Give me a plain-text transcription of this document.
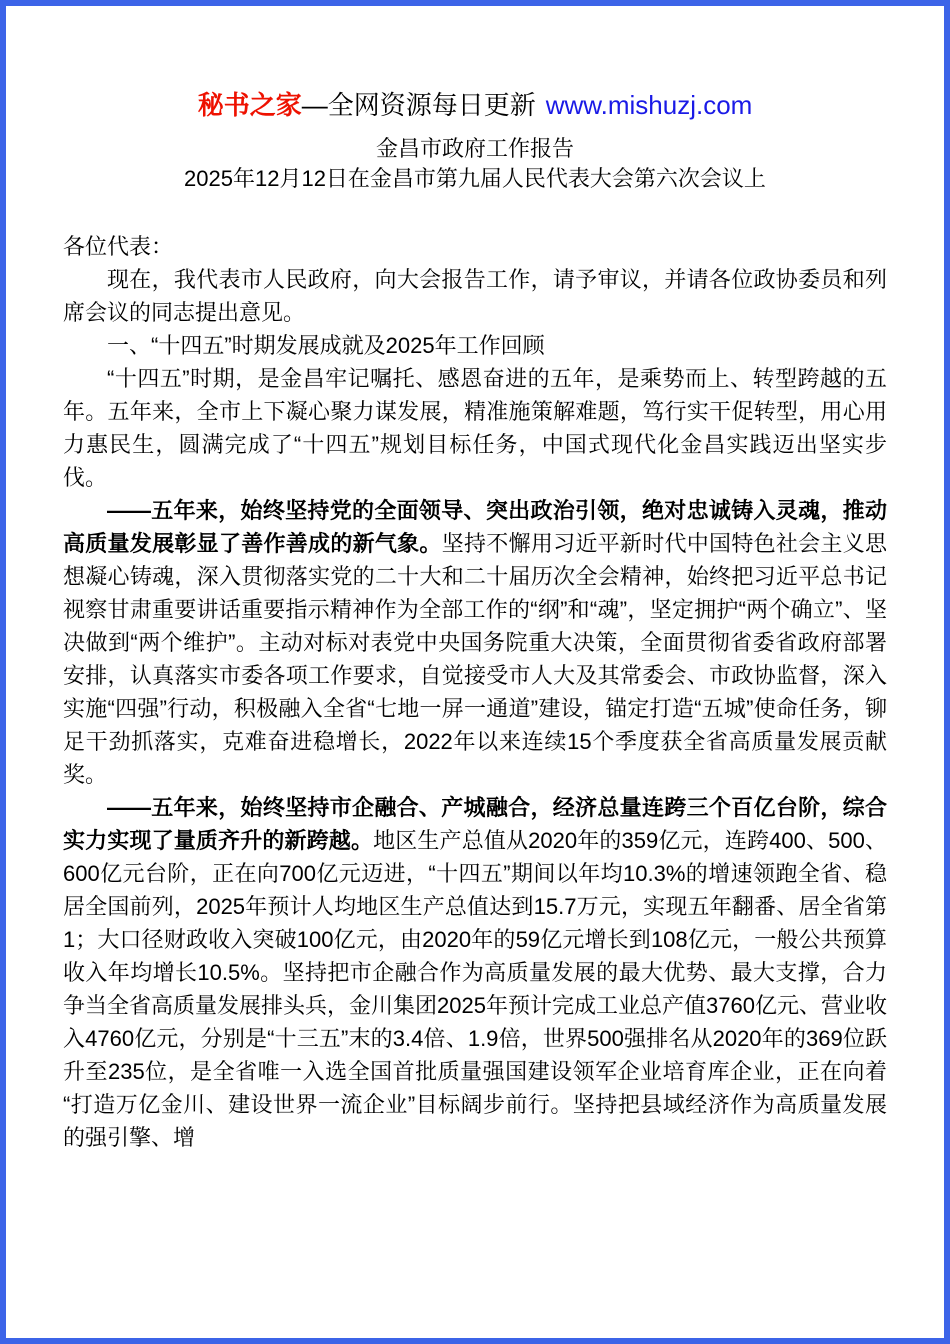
秘书之家—全网资源每日更新 www.mishuzj.com
金昌市政府工作报告
2025年12月12日在金昌市第九届人民代表大会第六次会议上

各位代表：

现在，我代表市人民政府，向大会报告工作，请予审议，并请各位政协委员和列席会议的同志提出意见。

一、“十四五”时期发展成就及2025年工作回顾

“十四五”时期，是金昌牢记嘱托、感恩奋进的五年，是乘势而上、转型跨越的五年。五年来，全市上下凝心聚力谋发展，精准施策解难题，笃行实干促转型，用心用力惠民生，圆满完成了“十四五”规划目标任务，中国式现代化金昌实践迈出坚实步伐。

——五年来，始终坚持党的全面领导、突出政治引领，绝对忠诚铸入灵魂，推动高质量发展彰显了善作善成的新气象。坚持不懈用习近平新时代中国特色社会主义思想凝心铸魂，深入贯彻落实党的二十大和二十届历次全会精神，始终把习近平总书记视察甘肃重要讲话重要指示精神作为全部工作的“纲”和“魂”，坚定拥护“两个确立”、坚决做到“两个维护”。主动对标对表党中央国务院重大决策，全面贯彻省委省政府部署安排，认真落实市委各项工作要求，自觉接受市人大及其常委会、市政协监督，深入实施“四强”行动，积极融入全省“七地一屏一通道”建设，锚定打造“五城”使命任务，铆足干劲抓落实，克难奋进稳增长，2022年以来连续15个季度获全省高质量发展贡献奖。

——五年来，始终坚持市企融合、产城融合，经济总量连跨三个百亿台阶，综合实力实现了量质齐升的新跨越。地区生产总值从2020年的359亿元，连跨400、500、600亿元台阶，正在向700亿元迈进，“十四五”期间以年均10.3%的增速领跑全省、稳居全国前列，2025年预计人均地区生产总值达到15.7万元，实现五年翻番、居全省第1；大口径财政收入突破100亿元，由2020年的59亿元增长到108亿元，一般公共预算收入年均增长10.5%。坚持把市企融合作为高质量发展的最大优势、最大支撑，合力争当全省高质量发展排头兵，金川集团2025年预计完成工业总产值3760亿元、营业收入4760亿元，分别是“十三五”末的3.4倍、1.9倍，世界500强排名从2020年的369位跃升至235位，是全省唯一入选全国首批质量强国建设领军企业培育库企业，正在向着“打造万亿金川、建设世界一流企业”目标阔步前行。坚持把县域经济作为高质量发展的强引擎、增
